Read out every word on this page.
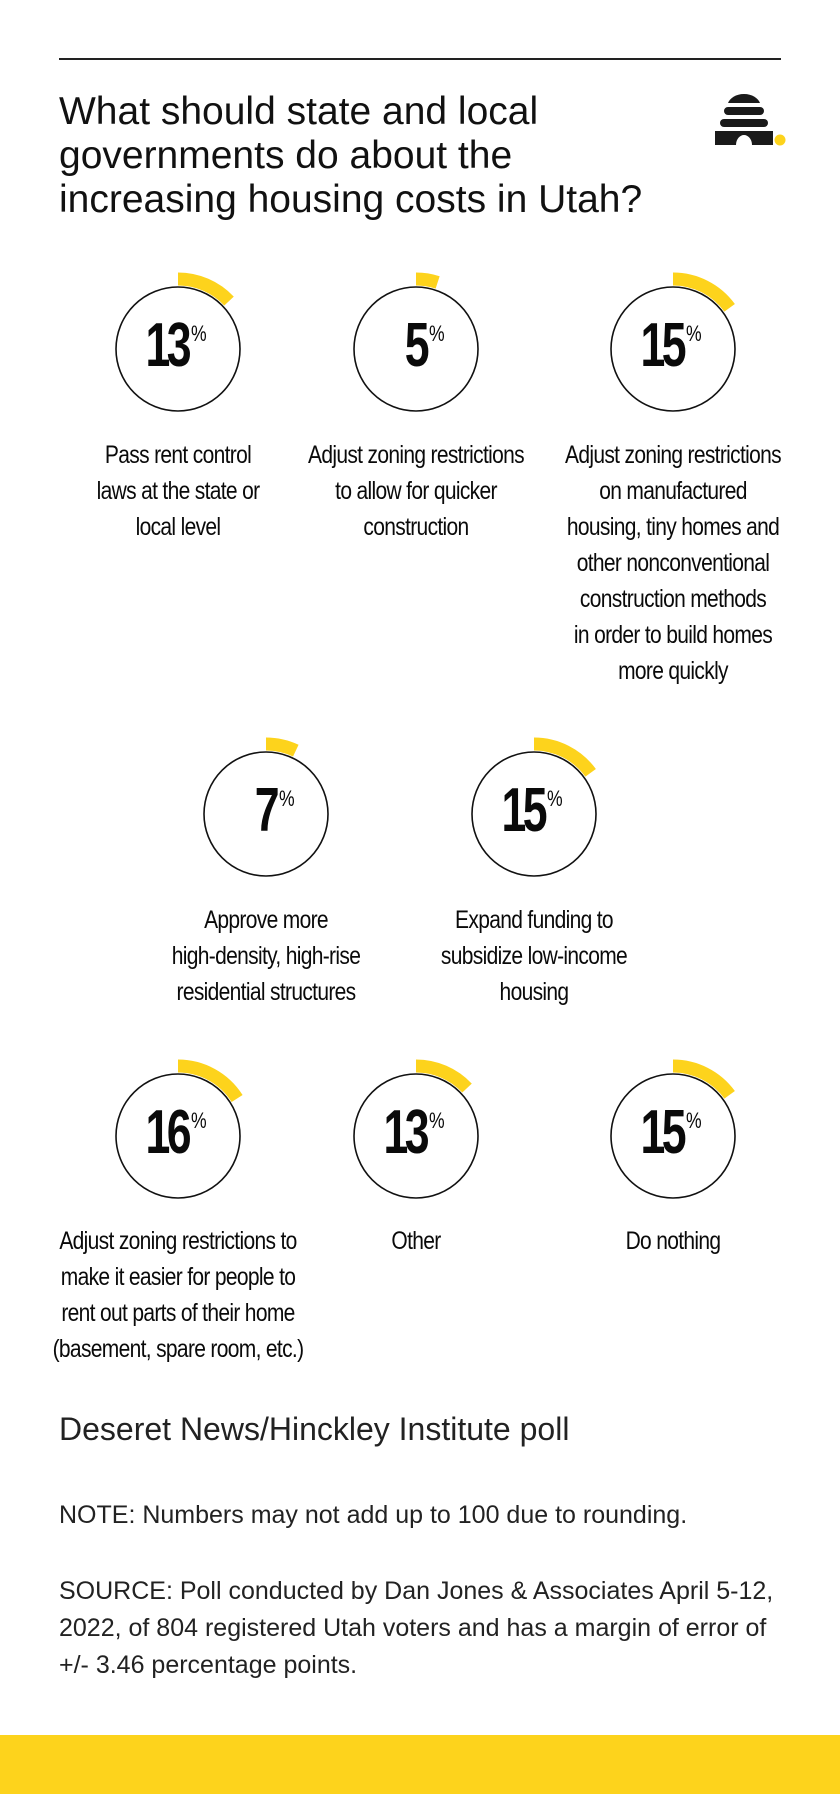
What should state and local governments do about the increasing housing costs in Utah?
13 %
Pass rent control
laws at the state or
local level
5 %
Adjust zoning restrictions
to allow for quicker
construction
15 %
Adjust zoning restrictions
on manufactured
housing, tiny homes and
other nonconventional
construction methods
in order to build homes
more quickly
7 %
Approve more
high-density, high-rise
residential structures
15 %
Expand funding to
subsidize low-income
housing
16 %
Adjust zoning restrictions to
make it easier for people to
rent out parts of their home
(basement, spare room, etc.)
13 %
Other
15 %
Do nothing
Deseret News/Hinckley Institute poll
NOTE: Numbers may not add up to 100 due to rounding.
SOURCE: Poll conducted by Dan Jones & Associates April 5-12, 2022, of 804 registered Utah voters and has a margin of error of +/- 3.46 percentage points.
